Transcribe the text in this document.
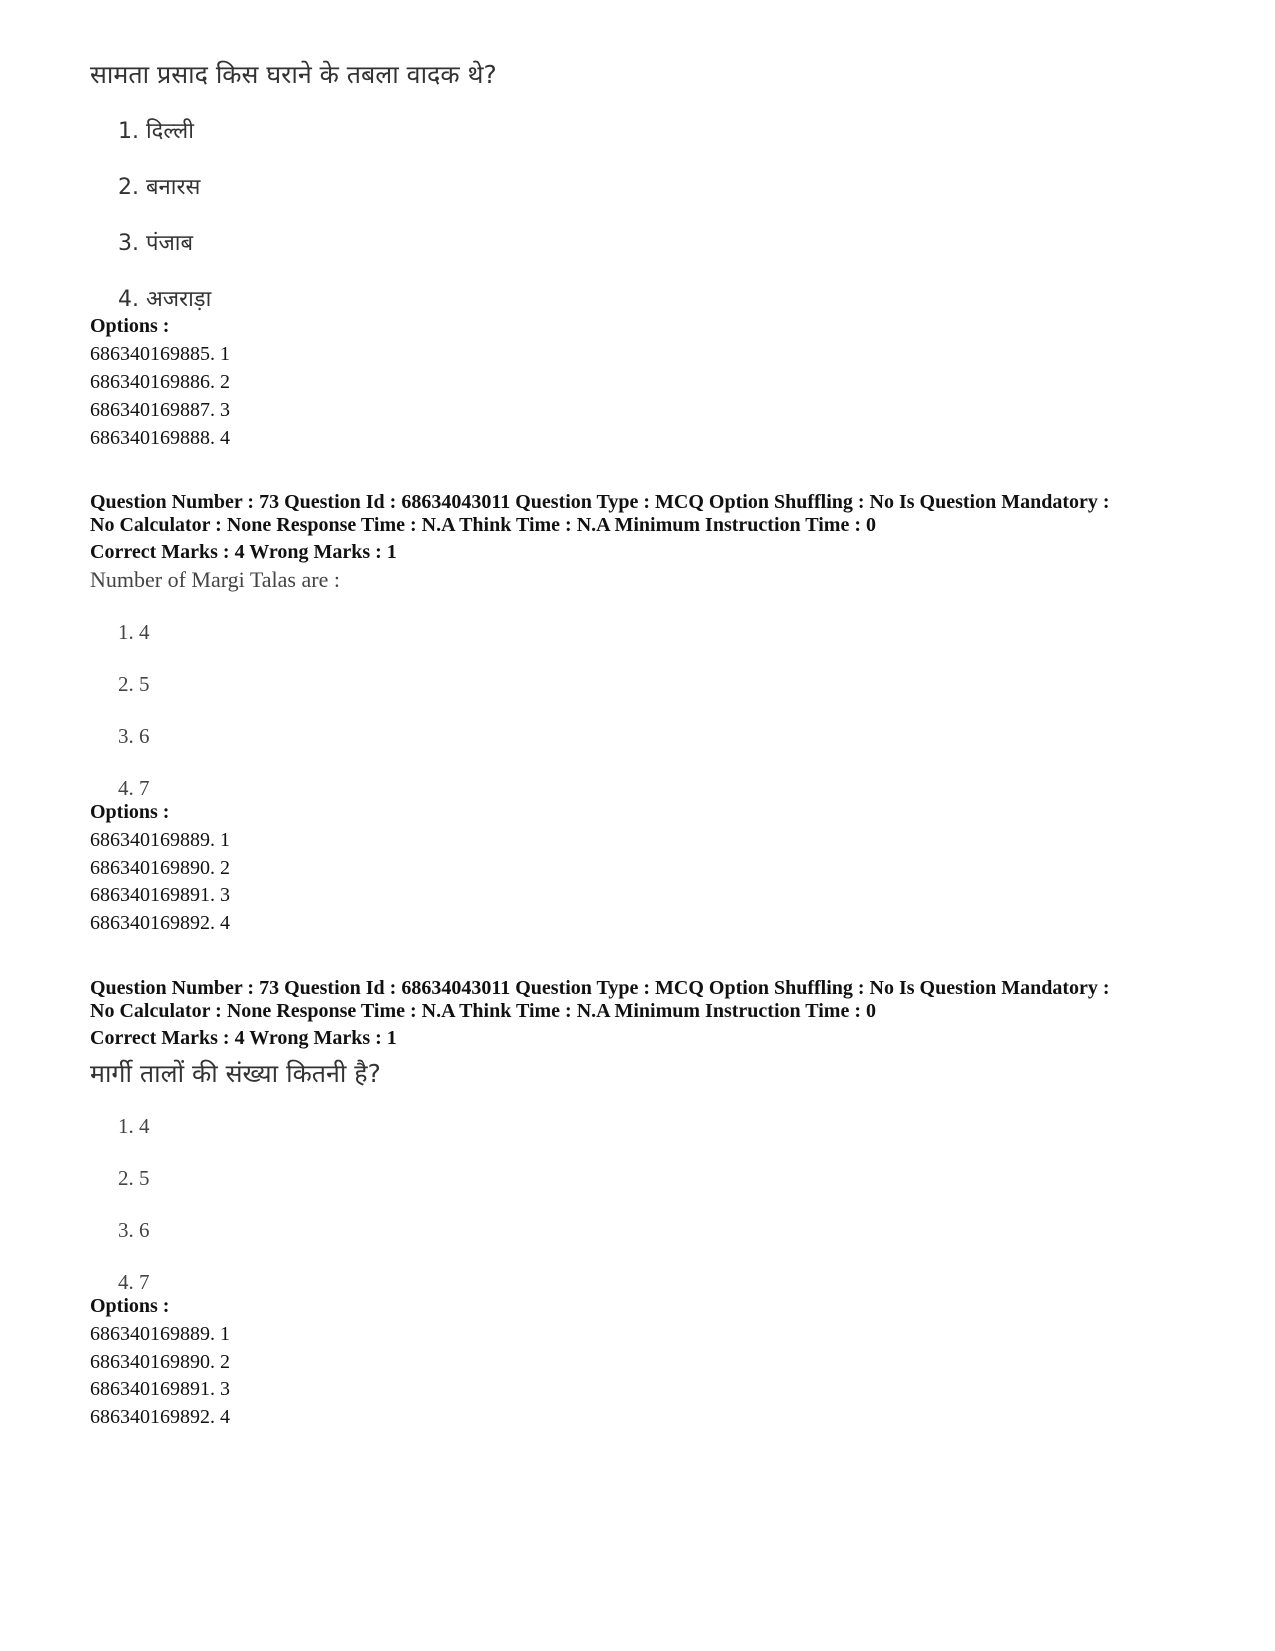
सामता प्रसाद किस घराने के तबला वादक थे?
1. दिल्ली
2. बनारस
3. पंजाब
4. अजराड़ा
Options :
686340169885. 1
686340169886. 2
686340169887. 3
686340169888. 4
Question Number : 73 Question Id : 68634043011 Question Type : MCQ Option Shuffling : No Is Question Mandatory :
No Calculator : None Response Time : N.A Think Time : N.A Minimum Instruction Time : 0
Correct Marks : 4 Wrong Marks : 1
Number of Margi Talas are :
1. 4
2. 5
3. 6
4. 7
Options :
686340169889. 1
686340169890. 2
686340169891. 3
686340169892. 4
Question Number : 73 Question Id : 68634043011 Question Type : MCQ Option Shuffling : No Is Question Mandatory :
No Calculator : None Response Time : N.A Think Time : N.A Minimum Instruction Time : 0
Correct Marks : 4 Wrong Marks : 1
मार्गी तालों की संख्या कितनी है?
1. 4
2. 5
3. 6
4. 7
Options :
686340169889. 1
686340169890. 2
686340169891. 3
686340169892. 4
